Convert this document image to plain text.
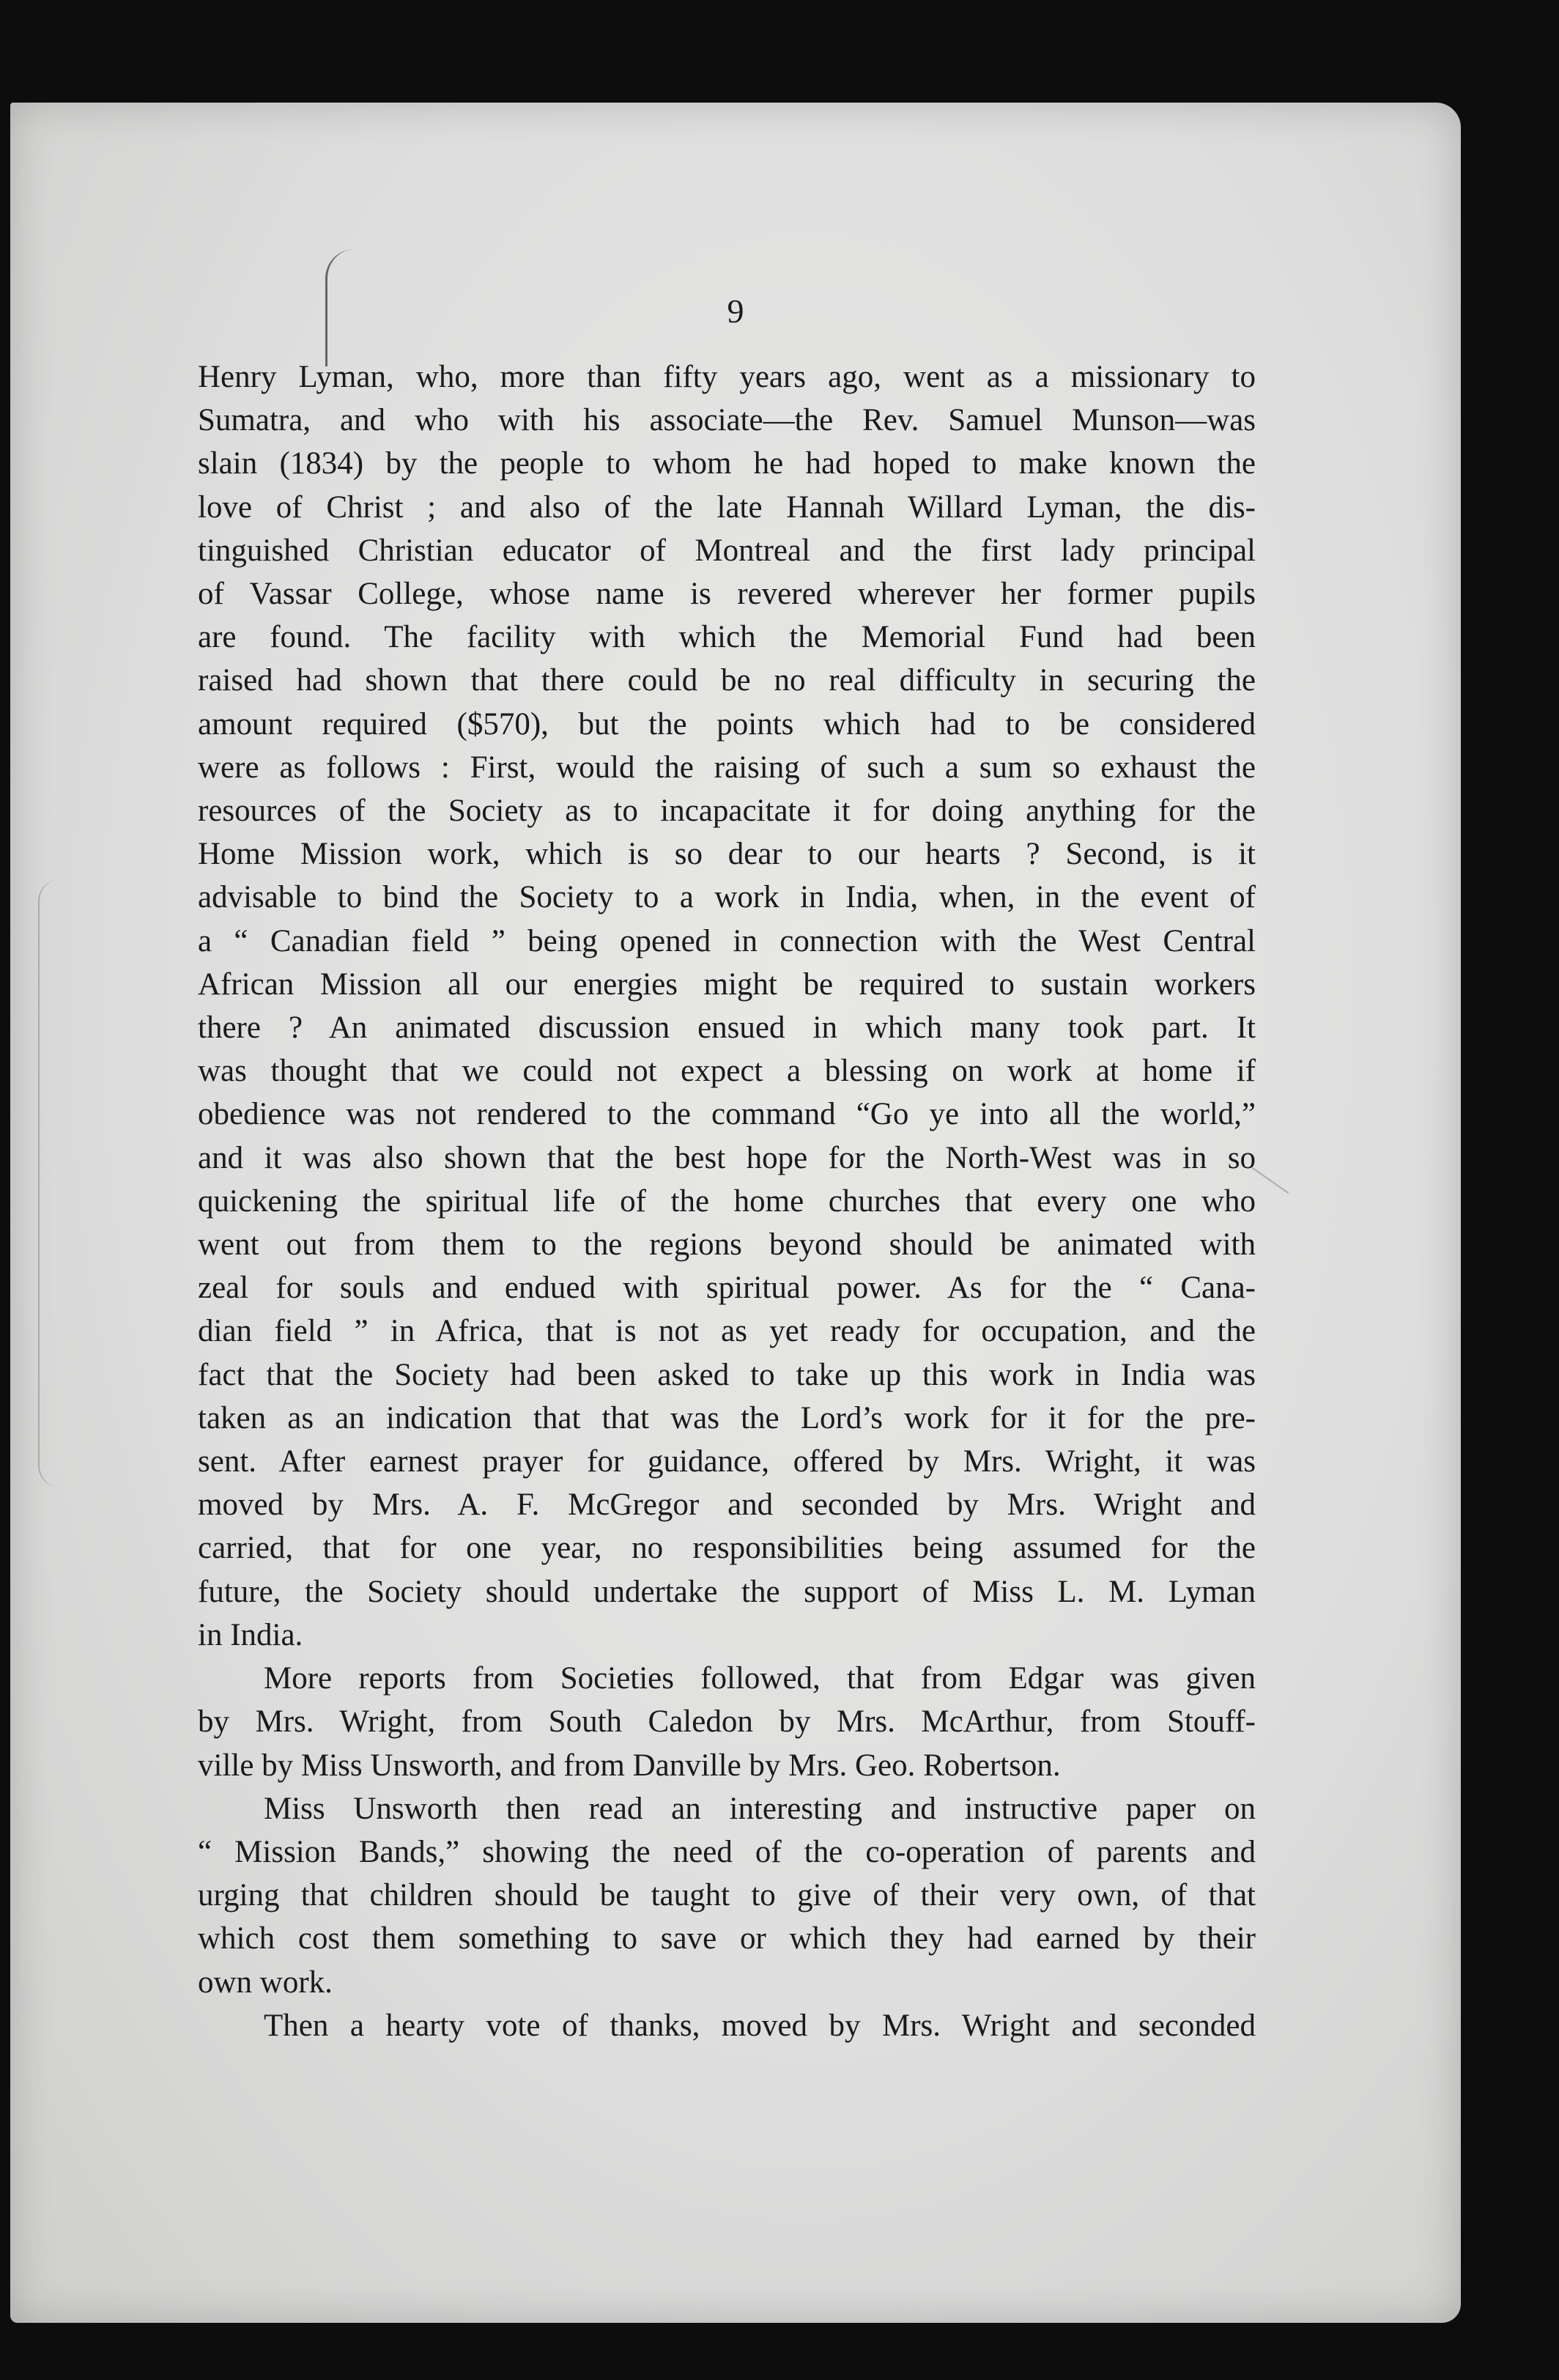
9
Henry Lyman, who, more than fifty years ago, went as a missionary to
Sumatra, and who with his associate—the Rev. Samuel Munson—was
slain (1834) by the people to whom he had hoped to make known the
love of Christ ; and also of the late Hannah Willard Lyman, the dis-
tinguished Christian educator of Montreal and the first lady principal
of Vassar College, whose name is revered wherever her former pupils
are found. The facility with which the Memorial Fund had been
raised had shown that there could be no real difficulty in securing the
amount required ($570), but the points which had to be considered
were as follows : First, would the raising of such a sum so exhaust the
resources of the Society as to incapacitate it for doing anything for the
Home Mission work, which is so dear to our hearts ? Second, is it
advisable to bind the Society to a work in India, when, in the event of
a “ Canadian field ” being opened in connection with the West Central
African Mission all our energies might be required to sustain workers
there ? An animated discussion ensued in which many took part. It
was thought that we could not expect a blessing on work at home if
obedience was not rendered to the command “Go ye into all the world,”
and it was also shown that the best hope for the North-West was in so
quickening the spiritual life of the home churches that every one who
went out from them to the regions beyond should be animated with
zeal for souls and endued with spiritual power. As for the “ Cana-
dian field ” in Africa, that is not as yet ready for occupation, and the
fact that the Society had been asked to take up this work in India was
taken as an indication that that was the Lord’s work for it for the pre-
sent. After earnest prayer for guidance, offered by Mrs. Wright, it was
moved by Mrs. A. F. McGregor and seconded by Mrs. Wright and
carried, that for one year, no responsibilities being assumed for the
future, the Society should undertake the support of Miss L. M. Lyman
in India.
More reports from Societies followed, that from Edgar was given
by Mrs. Wright, from South Caledon by Mrs. McArthur, from Stouff-
ville by Miss Unsworth, and from Danville by Mrs. Geo. Robertson.
Miss Unsworth then read an interesting and instructive paper on
“ Mission Bands,” showing the need of the co-operation of parents and
urging that children should be taught to give of their very own, of that
which cost them something to save or which they had earned by their
own work.
Then a hearty vote of thanks, moved by Mrs. Wright and seconded
